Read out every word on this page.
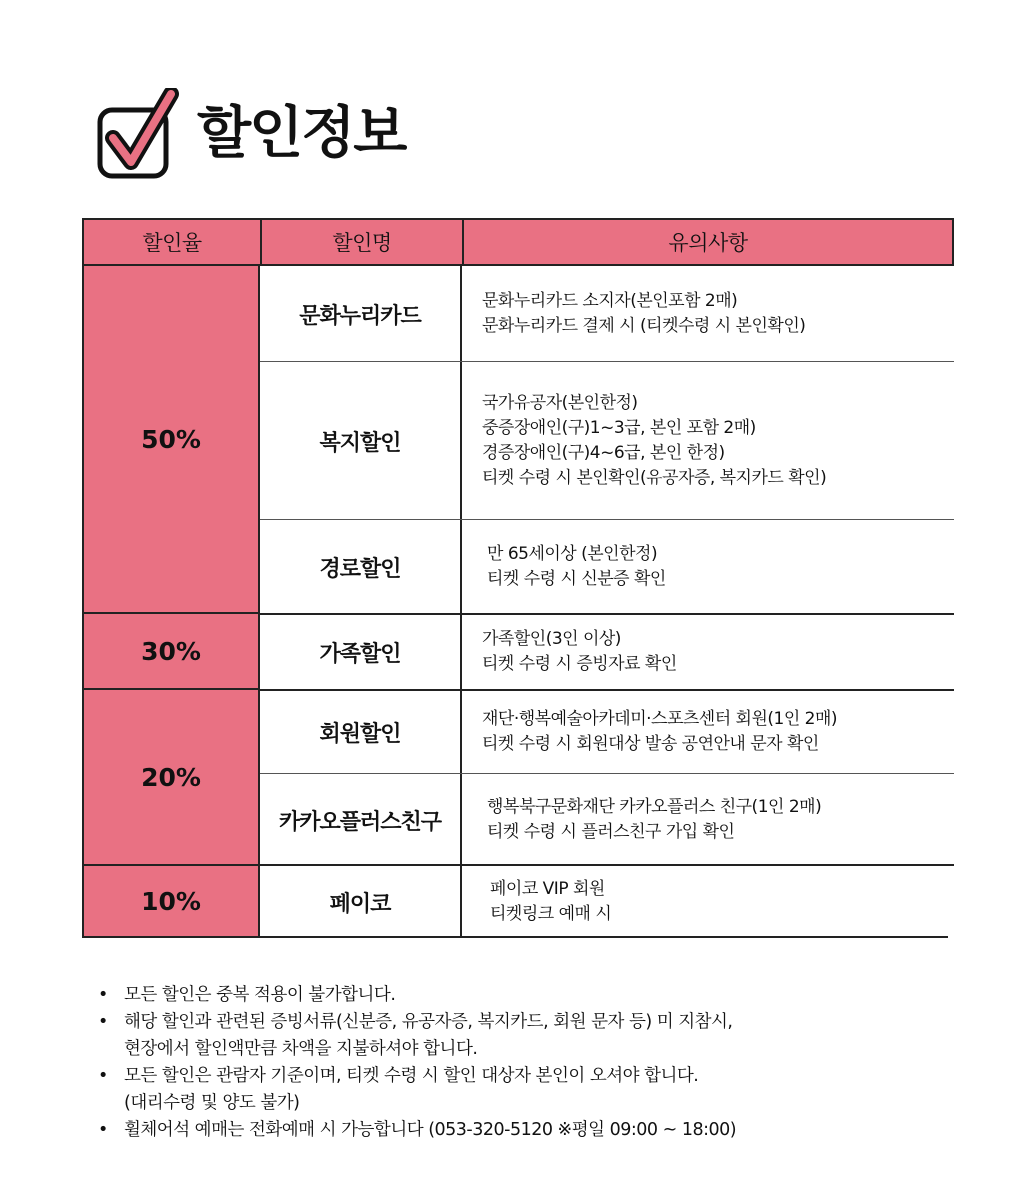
할인정보
할인율	할인명	유의사항
50%
30%
20%
10%
문화누리카드
복지할인
경로할인
가족할인
회원할인
카카오플러스친구
페이코
문화누리카드 소지자(본인포함 2매)
문화누리카드 결제 시 (티켓수령 시 본인확인)
국가유공자(본인한정)
중증장애인(구)1~3급, 본인 포함 2매)
경증장애인(구)4~6급, 본인 한정)
티켓 수령 시 본인확인(유공자증, 복지카드 확인)
만 65세이상 (본인한정)
티켓 수령 시 신분증 확인
가족할인(3인 이상)
티켓 수령 시 증빙자료 확인
재단·행복예술아카데미·스포츠센터 회원(1인 2매)
티켓 수령 시 회원대상 발송 공연안내 문자 확인
행복북구문화재단 카카오플러스 친구(1인 2매)
티켓 수령 시 플러스친구 가입 확인
페이코 VIP 회원
티켓링크 예매 시
• 모든 할인은 중복 적용이 불가합니다.
• 해당 할인과 관련된 증빙서류(신분증, 유공자증, 복지카드, 회원 문자 등) 미 지참시,
현장에서 할인액만큼 차액을 지불하셔야 합니다.
• 모든 할인은 관람자 기준이며, 티켓 수령 시 할인 대상자 본인이 오셔야 합니다.
(대리수령 및 양도 불가)
• 휠체어석 예매는 전화예매 시 가능합니다 (053-320-5120 ※평일 09:00 ~ 18:00)
